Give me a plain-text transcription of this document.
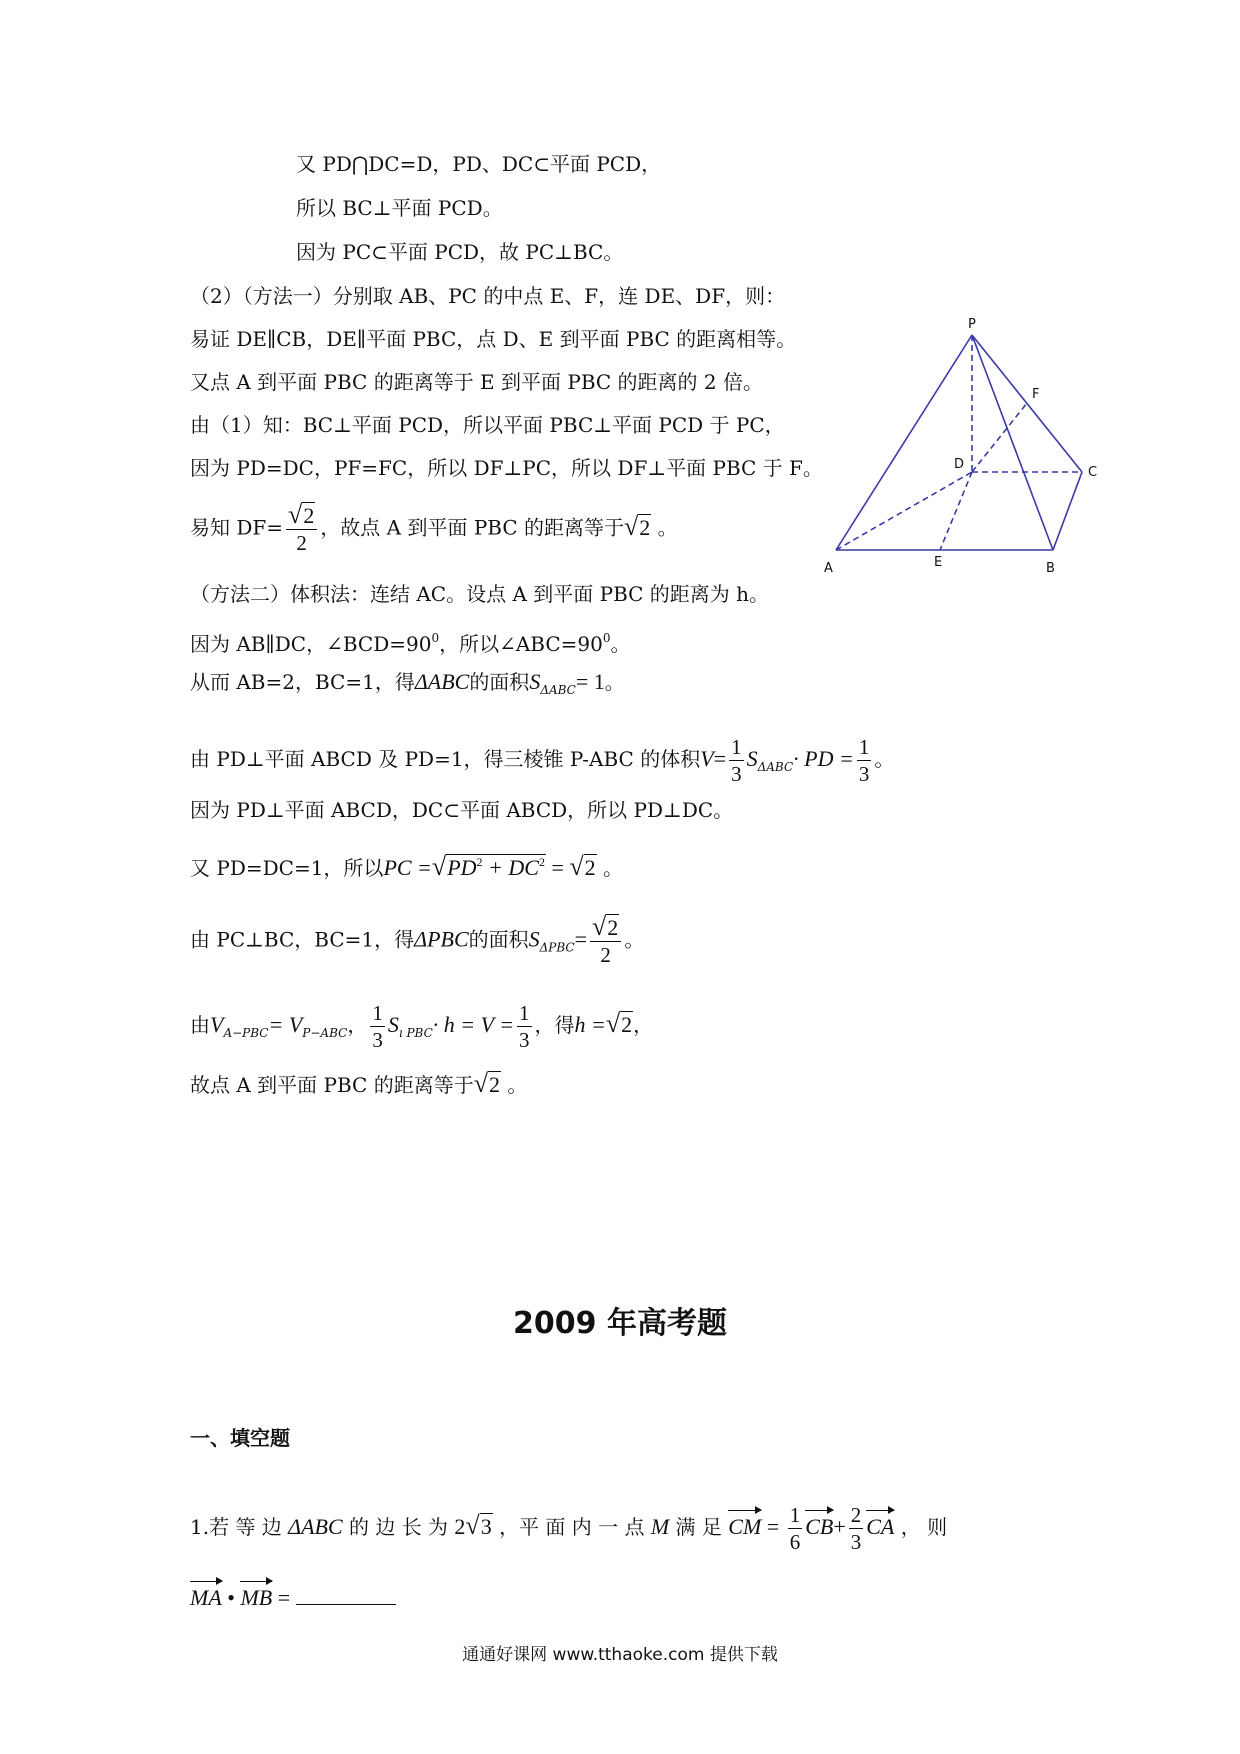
又 PD⋂DC=D，PD、DC⊂平面 PCD，
所以 BC⊥平面 PCD。
因为 PC⊂平面 PCD，故 PC⊥BC。
（2）（方法一）分别取 AB、PC 的中点 E、F，连 DE、DF，则：
易证 DE∥CB，DE∥平面 PBC，点 D、E 到平面 PBC 的距离相等。
又点 A 到平面 PBC 的距离等于 E 到平面 PBC 的距离的 2 倍。
由（1）知：BC⊥平面 PCD，所以平面 PBC⊥平面 PCD 于 PC，
因为 PD=DC，PF=FC，所以 DF⊥PC，所以 DF⊥平面 PBC 于 F。
易知 $DF= \frac{√2}{2}$ ，故点 A 到平面 PBC 的距离等于√2 。
（方法二）体积法：连结 AC。设点 A 到平面 PBC 的距离为 h。
因为 AB∥DC，$\angle BCD=90^0$，所以$\angle ABC=90^0$。
从而 AB=2，BC=1，得ΔABC的面积$S_{\Delta ABC}= 1$。
由 PD⊥平面 ABCD 及 PD=1，得三棱锥 P-ABC 的体积$V= \frac{1}{3} S_{\Delta ABC}\cdot$ PD = $\frac{1}{3}$ 。
因为 PD⊥平面 ABCD，DC⊂平面 ABCD，所以 PD⊥DC。
又 PD=DC=1，所以PC $=√PD^2 + DC^2 = √2$ 。
由 PC⊥BC，BC=1，得ΔPBC的面积$S_{\Delta PBC}= \frac{√2}{2}$ 。
由$V_{A-PBC}= V_{P-ABC}$， $\frac{1}{3} S_{ı PBC}\cdot h = V = \frac{1}{3}$ ，得h =√2，
故点 A 到平面 PBC 的距离等于√2 。
P
F
D
C
A	E	B
2009 年高考题
一、填空题
1.若 等 边 ΔABC 的 边 长 为 2√3 ，平 面 内 一 点 M 满 足 CM = $\frac{1}{6} CB+ \frac{2}{3}$ CA ， 则
MA • MB =
通通好课网 www.tthaoke.com 提供下载
